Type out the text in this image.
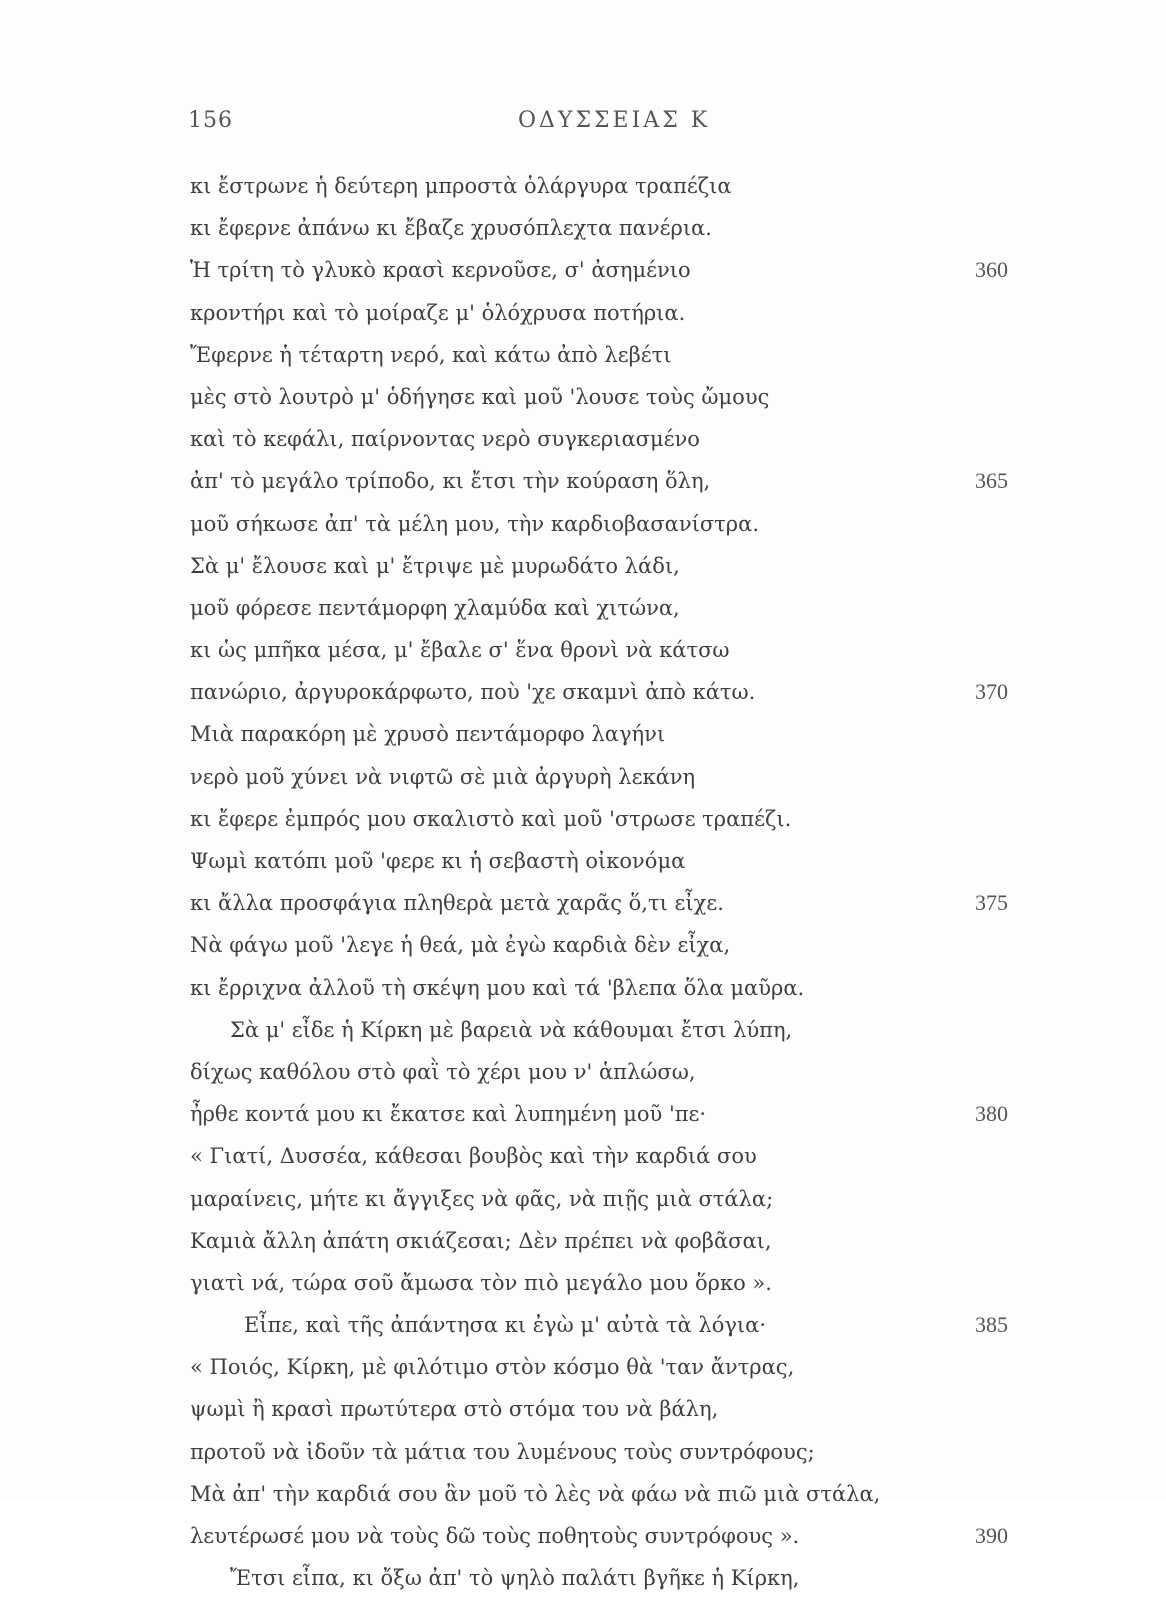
156	ΟΔΥΣΣΕΙΑΣ Κ
κι ἔστρωνε ἡ δεύτερη μπροστὰ ὁλάργυρα τραπέζια
κι ἔφερνε ἀπάνω κι ἔβαζε χρυσόπλεχτα πανέρια.
Ἡ τρίτη τὸ γλυκὸ κρασὶ κερνοῦσε, σ' ἀσημένιο	360
κροντήρι καὶ τὸ μοίραζε μ' ὁλόχρυσα ποτήρια.
Ἔφερνε ἡ τέταρτη νερό, καὶ κάτω ἀπὸ λεβέτι
μὲς στὸ λουτρὸ μ' ὁδήγησε καὶ μοῦ 'λουσε τοὺς ὤμους
καὶ τὸ κεφάλι, παίρνοντας νερὸ συγκεριασμένο
ἀπ' τὸ μεγάλο τρίποδο, κι ἔτσι τὴν κούραση ὅλη,	365
μοῦ σήκωσε ἀπ' τὰ μέλη μου, τὴν καρδιοβασανίστρα.
Σὰ μ' ἔλουσε καὶ μ' ἔτριψε μὲ μυρωδάτο λάδι,
μοῦ φόρεσε πεντάμορφη χλαμύδα καὶ χιτώνα,
κι ὡς μπῆκα μέσα, μ' ἔβαλε σ' ἕνα θρονὶ νὰ κάτσω
πανώριο, ἀργυροκάρφωτο, ποὺ 'χε σκαμνὶ ἀπὸ κάτω.	370
Μιὰ παρακόρη μὲ χρυσὸ πεντάμορφο λαγήνι
νερὸ μοῦ χύνει νὰ νιφτῶ σὲ μιὰ ἀργυρὴ λεκάνη
κι ἔφερε ἐμπρός μου σκαλιστὸ καὶ μοῦ 'στρωσε τραπέζι.
Ψωμὶ κατόπι μοῦ 'φερε κι ἡ σεβαστὴ οἰκονόμα
κι ἄλλα προσφάγια πληθερὰ μετὰ χαρᾶς ὅ,τι εἶχε.	375
Νὰ φάγω μοῦ 'λεγε ἡ θεά, μὰ ἐγὼ καρδιὰ δὲν εἶχα,
κι ἔρριχνα ἀλλοῦ τὴ σκέψη μου καὶ τά 'βλεπα ὅλα μαῦρα.
Σὰ μ' εἶδε ἡ Κίρκη μὲ βαρειὰ νὰ κάθουμαι ἔτσι λύπη,
δίχως καθόλου στὸ φαῒ τὸ χέρι μου ν' ἁπλώσω,
ἦρθε κοντά μου κι ἔκατσε καὶ λυπημένη μοῦ 'πε·	380
« Γιατί, Δυσσέα, κάθεσαι βουβὸς καὶ τὴν καρδιά σου
μαραίνεις, μήτε κι ἄγγιξες νὰ φᾶς, νὰ πιῇς μιὰ στάλα;
Καμιὰ ἄλλη ἀπάτη σκιάζεσαι; Δὲν πρέπει νὰ φοβᾶσαι,
γιατὶ νά, τώρα σοῦ ἄμωσα τὸν πιὸ μεγάλο μου ὅρκο ».
Εἶπε, καὶ τῆς ἀπάντησα κι ἐγὼ μ' αὐτὰ τὰ λόγια·	385
« Ποιός, Κίρκη, μὲ φιλότιμο στὸν κόσμο θὰ 'ταν ἄντρας,
ψωμὶ ἢ κρασὶ πρωτύτερα στὸ στόμα του νὰ βάλη,
προτοῦ νὰ ἰδοῦν τὰ μάτια του λυμένους τοὺς συντρόφους;
Μὰ ἀπ' τὴν καρδιά σου ἂν μοῦ τὸ λὲς νὰ φάω νὰ πιῶ μιὰ στάλα,
λευτέρωσέ μου νὰ τοὺς δῶ τοὺς ποθητοὺς συντρόφους ».	390
Ἔτσι εἶπα, κι ὄξω ἀπ' τὸ ψηλὸ παλάτι βγῆκε ἡ Κίρκη,
